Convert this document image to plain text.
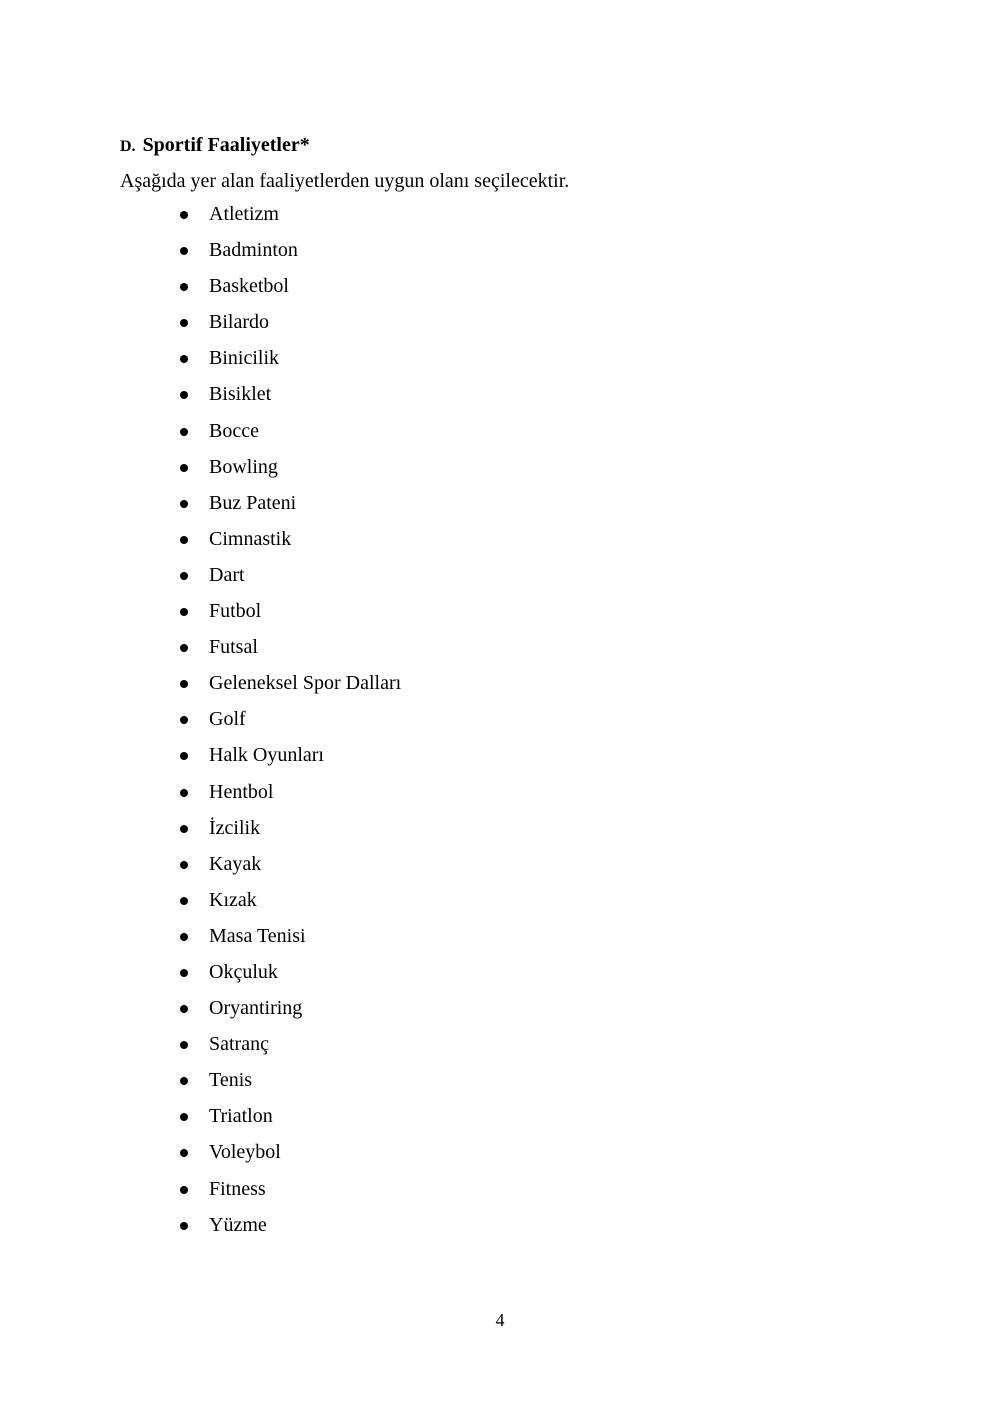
D. Sportif Faaliyetler*
Aşağıda yer alan faaliyetlerden uygun olanı seçilecektir.
Atletizm
Badminton
Basketbol
Bilardo
Binicilik
Bisiklet
Bocce
Bowling
Buz Pateni
Cimnastik
Dart
Futbol
Futsal
Geleneksel Spor Dalları
Golf
Halk Oyunları
Hentbol
İzcilik
Kayak
Kızak
Masa Tenisi
Okçuluk
Oryantiring
Satranç
Tenis
Triatlon
Voleybol
Fitness
Yüzme
4
